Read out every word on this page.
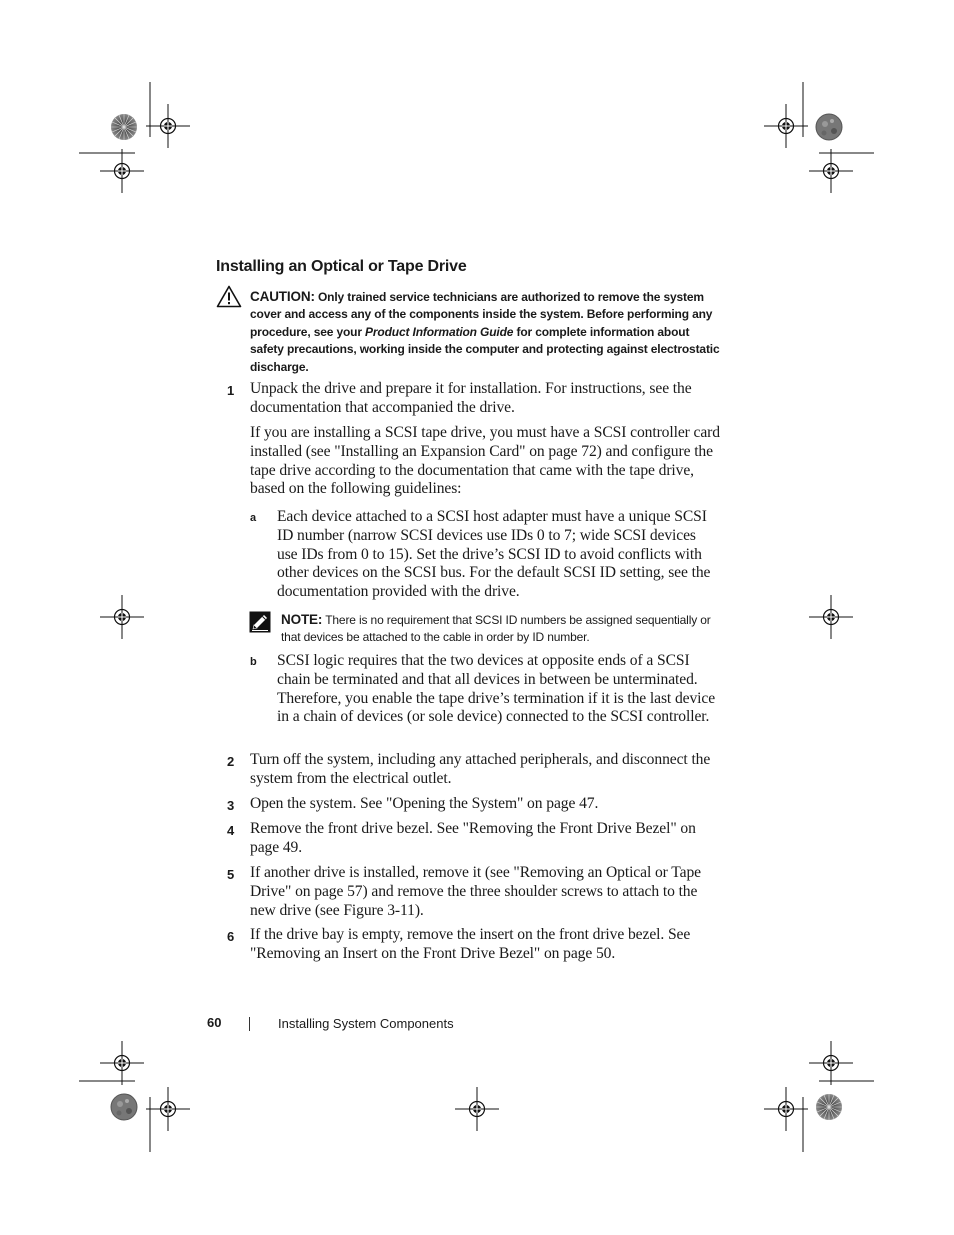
Installing an Optical or Tape Drive
CAUTION: Only trained service technicians are authorized to remove the system cover and access any of the components inside the system. Before performing any procedure, see your Product Information Guide for complete information about safety precautions, working inside the computer and protecting against electrostatic discharge.
1 Unpack the drive and prepare it for installation. For instructions, see the documentation that accompanied the drive.
If you are installing a SCSI tape drive, you must have a SCSI controller card installed (see "Installing an Expansion Card" on page 72) and configure the tape drive according to the documentation that came with the tape drive, based on the following guidelines:
a Each device attached to a SCSI host adapter must have a unique SCSI ID number (narrow SCSI devices use IDs 0 to 7; wide SCSI devices use IDs from 0 to 15). Set the drive’s SCSI ID to avoid conflicts with other devices on the SCSI bus. For the default SCSI ID setting, see the documentation provided with the drive.
NOTE: There is no requirement that SCSI ID numbers be assigned sequentially or that devices be attached to the cable in order by ID number.
b SCSI logic requires that the two devices at opposite ends of a SCSI chain be terminated and that all devices in between be unterminated. Therefore, you enable the tape drive’s termination if it is the last device in a chain of devices (or sole device) connected to the SCSI controller.
2 Turn off the system, including any attached peripherals, and disconnect the system from the electrical outlet.
3 Open the system. See "Opening the System" on page 47.
4 Remove the front drive bezel. See "Removing the Front Drive Bezel" on page 49.
5 If another drive is installed, remove it (see "Removing an Optical or Tape Drive" on page 57) and remove the three shoulder screws to attach to the new drive (see Figure 3-11).
6 If the drive bay is empty, remove the insert on the front drive bezel. See "Removing an Insert on the Front Drive Bezel" on page 50.
60	Installing System Components
